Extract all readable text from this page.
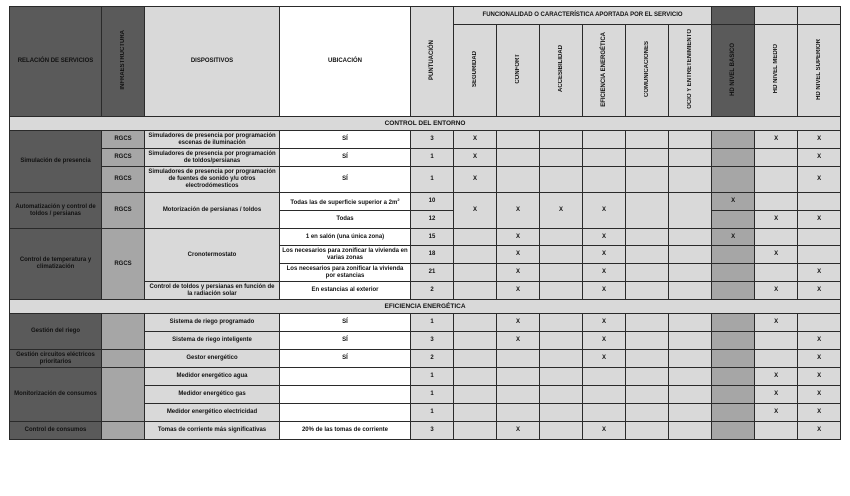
RELACIÓN DE SERVICIOS	INFRAESTRUCTURA	DISPOSITIVOS	UBICACIÓN	PUNTUACIÓN	FUNCIONALIDAD O CARACTERÍSTICA APORTADA POR EL SERVICIO								
					SEGURIDAD	CONFORT	ACCESIBILIDAD	EFICIENCIA ENERGÉTICA	COMUNICACIONES	OCIO Y ENTRETENIMIENTO	HD NIVEL BÁSICO	HD NIVEL MEDIO	HD NIVEL SUPERIOR
CONTROL DEL ENTORNO													
Simulación de presencia	RGCS	Simuladores de presencia por programación escenas de iluminación	SÍ	3	X							X	X
	RGCS	Simuladores de presencia por programación de toldos/persianas	SÍ	1	X								X
	RGCS	Simuladores de presencia por programación de fuentes de sonido y/u otros electrodómesticos	SÍ	1	X								X
Automatización y control de toldos / persianas	RGCS	Motorización de persianas / toldos	Todas las de superficie superior a $2m^2$	10	X	X	X	X			X		
			Todas	12								X	X
Control de temperatura y climatización	RGCS	Cronotermostato	1 en salón (una única zona)	15		X		X			X		
			Los necesarios para zonificar la vivienda en varias zonas	18		X		X				X	
			Los necesarios para zonificar la vivienda por estancias	21		X		X					X
		Control de toldos y persianas en función de la radiación solar	En estancias al exterior	2		X		X				X	X
EFICIENCIA ENERGÉTICA													
Gestión del riego		Sistema de riego programado	SÍ	1		X		X				X	
		Sistema de riego inteligente	SÍ	3		X		X					X
Gestión circuitos eléctricos prioritarios		Gestor energético	SÍ	2				X					X
Monitorización de consumos		Medidor energético agua		1								X	X
		Medidor energético gas		1								X	X
		Medidor energético electricidad		1								X	X
Control de consumos		Tomas de corriente más significativas	20% de las tomas de corriente	3		X		X					X
